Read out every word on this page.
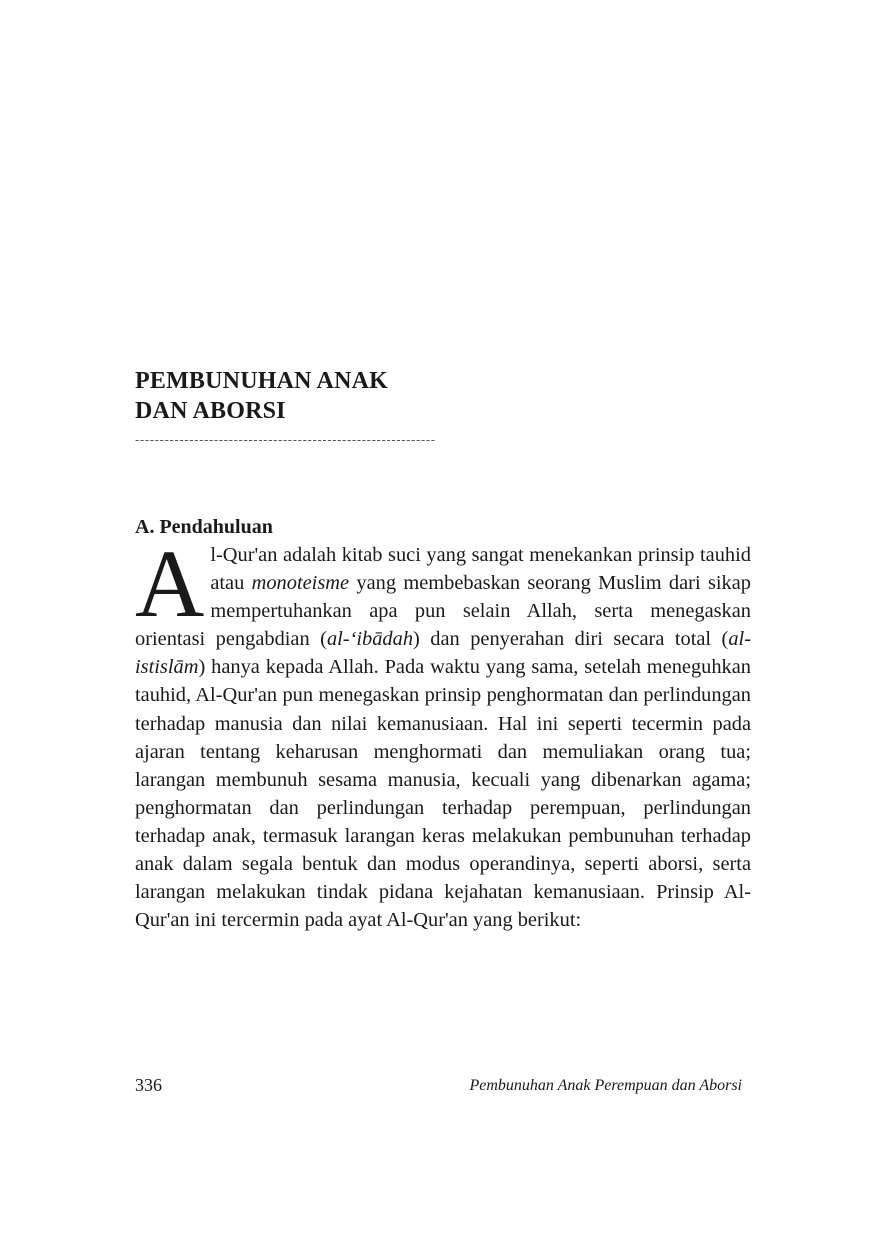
PEMBUNUHAN ANAK
DAN ABORSI
-------------------------------------------------------------
A. Pendahuluan

Al-Qur'an adalah kitab suci yang sangat menekankan prinsip tauhid atau monoteisme yang membebaskan seorang Muslim dari sikap mempertuhankan apa pun selain Allah, serta menegaskan orientasi pengabdian (al-‘ibādah) dan penyerahan diri secara total (al-istislām) hanya kepada Allah. Pada waktu yang sama, setelah meneguhkan tauhid, Al-Qur'an pun menegaskan prinsip penghormatan dan perlindungan terhadap manusia dan nilai kemanusiaan. Hal ini seperti tecermin pada ajaran tentang keharusan menghormati dan memuliakan orang tua; larangan membunuh sesama manusia, kecuali yang dibenarkan agama; penghormatan dan perlindungan terhadap perempuan, perlindungan terhadap anak, termasuk larangan keras melakukan pembunuhan terhadap anak dalam segala bentuk dan modus operandinya, seperti aborsi, serta larangan melakukan tindak pidana kejahatan kemanusiaan. Prinsip Al-Qur'an ini tercermin pada ayat Al-Qur'an yang berikut:

336	Pembunuhan Anak Perempuan dan Aborsi
